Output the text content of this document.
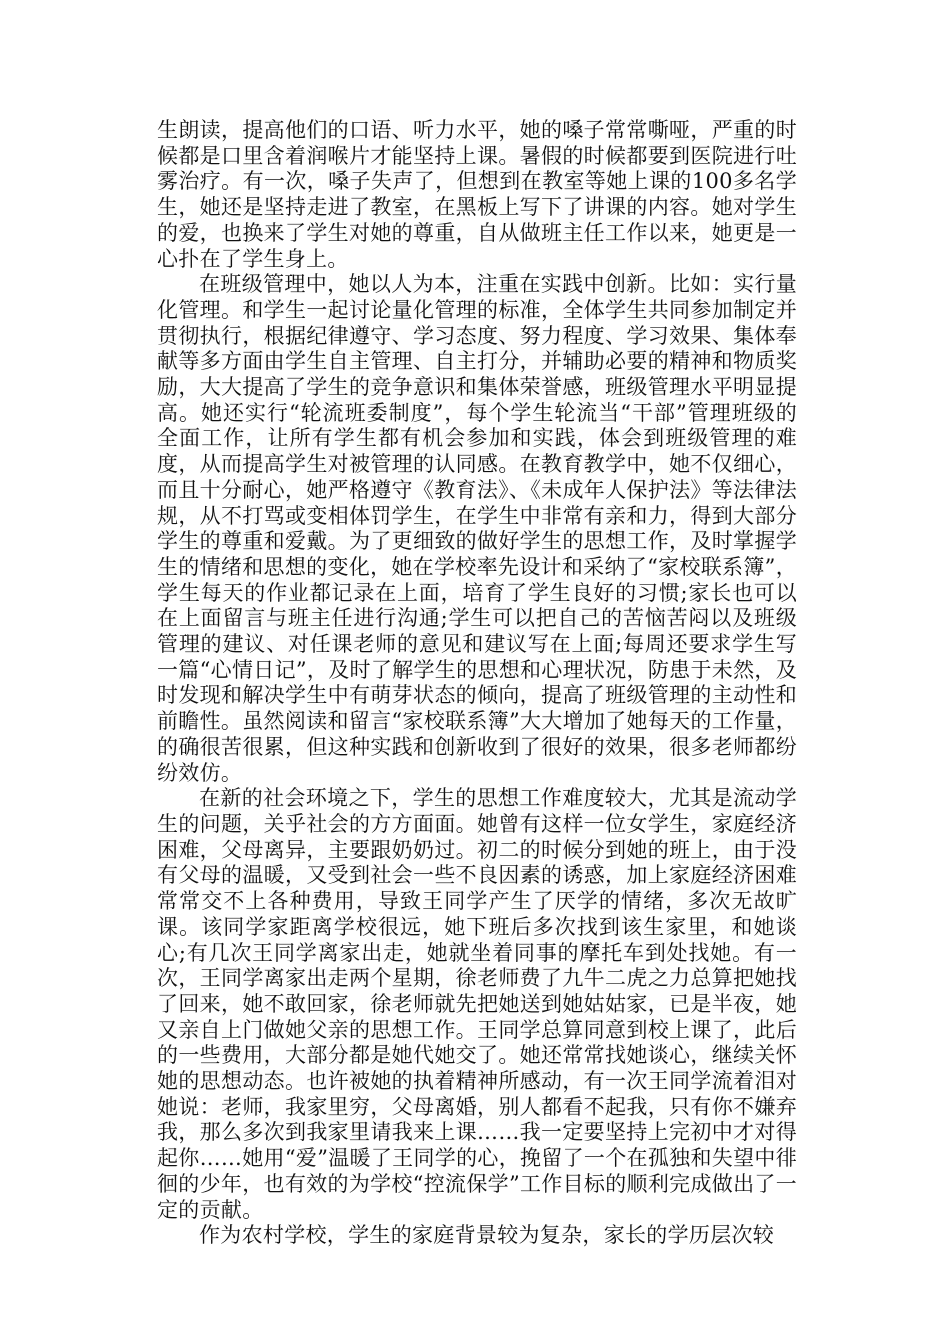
生朗读，提高他们的口语、听力水平，她的嗓子常常嘶哑，严重的时候都是口里含着润喉片才能坚持上课。暑假的时候都要到医院进行吐雾治疗。有一次，嗓子失声了，但想到在教室等她上课的100多名学生，她还是坚持走进了教室，在黑板上写下了讲课的内容。她对学生的爱，也换来了学生对她的尊重，自从做班主任工作以来，她更是一心扑在了学生身上。

在班级管理中，她以人为本，注重在实践中创新。比如：实行量化管理。和学生一起讨论量化管理的标准，全体学生共同参加制定并贯彻执行，根据纪律遵守、学习态度、努力程度、学习效果、集体奉献等多方面由学生自主管理、自主打分，并辅助必要的精神和物质奖励，大大提高了学生的竞争意识和集体荣誉感，班级管理水平明显提高。她还实行“轮流班委制度”，每个学生轮流当“干部”管理班级的全面工作，让所有学生都有机会参加和实践，体会到班级管理的难度，从而提高学生对被管理的认同感。在教育教学中，她不仅细心，而且十分耐心，她严格遵守《教育法》、《未成年人保护法》等法律法规，从不打骂或变相体罚学生，在学生中非常有亲和力，得到大部分学生的尊重和爱戴。为了更细致的做好学生的思想工作，及时掌握学生的情绪和思想的变化，她在学校率先设计和采纳了“家校联系簿”，学生每天的作业都记录在上面，培育了学生良好的习惯;家长也可以在上面留言与班主任进行沟通;学生可以把自己的苦恼苦闷以及班级管理的建议、对任课老师的意见和建议写在上面;每周还要求学生写一篇“心情日记”，及时了解学生的思想和心理状况，防患于未然，及时发现和解决学生中有萌芽状态的倾向，提高了班级管理的主动性和前瞻性。虽然阅读和留言“家校联系簿”大大增加了她每天的工作量，的确很苦很累，但这种实践和创新收到了很好的效果，很多老师都纷纷效仿。

在新的社会环境之下，学生的思想工作难度较大，尤其是流动学生的问题，关乎社会的方方面面。她曾有这样一位女学生，家庭经济困难，父母离异，主要跟奶奶过。初二的时候分到她的班上，由于没有父母的温暖，又受到社会一些不良因素的诱惑，加上家庭经济困难常常交不上各种费用，导致王同学产生了厌学的情绪，多次无故旷课。该同学家距离学校很远，她下班后多次找到该生家里，和她谈心;有几次王同学离家出走，她就坐着同事的摩托车到处找她。有一次，王同学离家出走两个星期，徐老师费了九牛二虎之力总算把她找了回来，她不敢回家，徐老师就先把她送到她姑姑家，已是半夜，她又亲自上门做她父亲的思想工作。王同学总算同意到校上课了，此后的一些费用，大部分都是她代她交了。她还常常找她谈心，继续关怀她的思想动态。也许被她的执着精神所感动，有一次王同学流着泪对她说：老师，我家里穷，父母离婚，别人都看不起我，只有你不嫌弃我，那么多次到我家里请我来上课……我一定要坚持上完初中才对得起你……她用“爱”温暖了王同学的心，挽留了一个在孤独和失望中徘徊的少年，也有效的为学校“控流保学”工作目标的顺利完成做出了一定的贡献。

作为农村学校，学生的家庭背景较为复杂，家长的学历层次较
